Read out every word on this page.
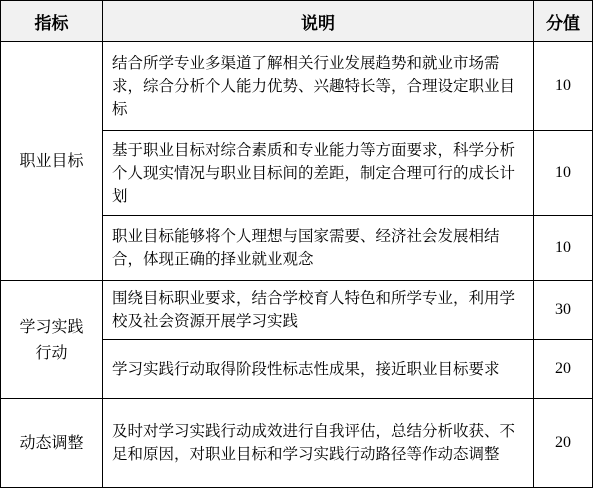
指标	说明	分值
职业目标	结合所学专业多渠道了解相关行业发展趋势和就业市场需求，综合分析个人能力优势、兴趣特长等，合理设定职业目标	10
	基于职业目标对综合素质和专业能力等方面要求，科学分析个人现实情况与职业目标间的差距，制定合理可行的成长计划	10
	职业目标能够将个人理想与国家需要、经济社会发展相结合，体现正确的择业就业观念	10
学习实践行动	围绕目标职业要求，结合学校育人特色和所学专业，利用学校及社会资源开展学习实践	30
	学习实践行动取得阶段性标志性成果，接近职业目标要求	20
动态调整	及时对学习实践行动成效进行自我评估，总结分析收获、不足和原因，对职业目标和学习实践行动路径等作动态调整	20
